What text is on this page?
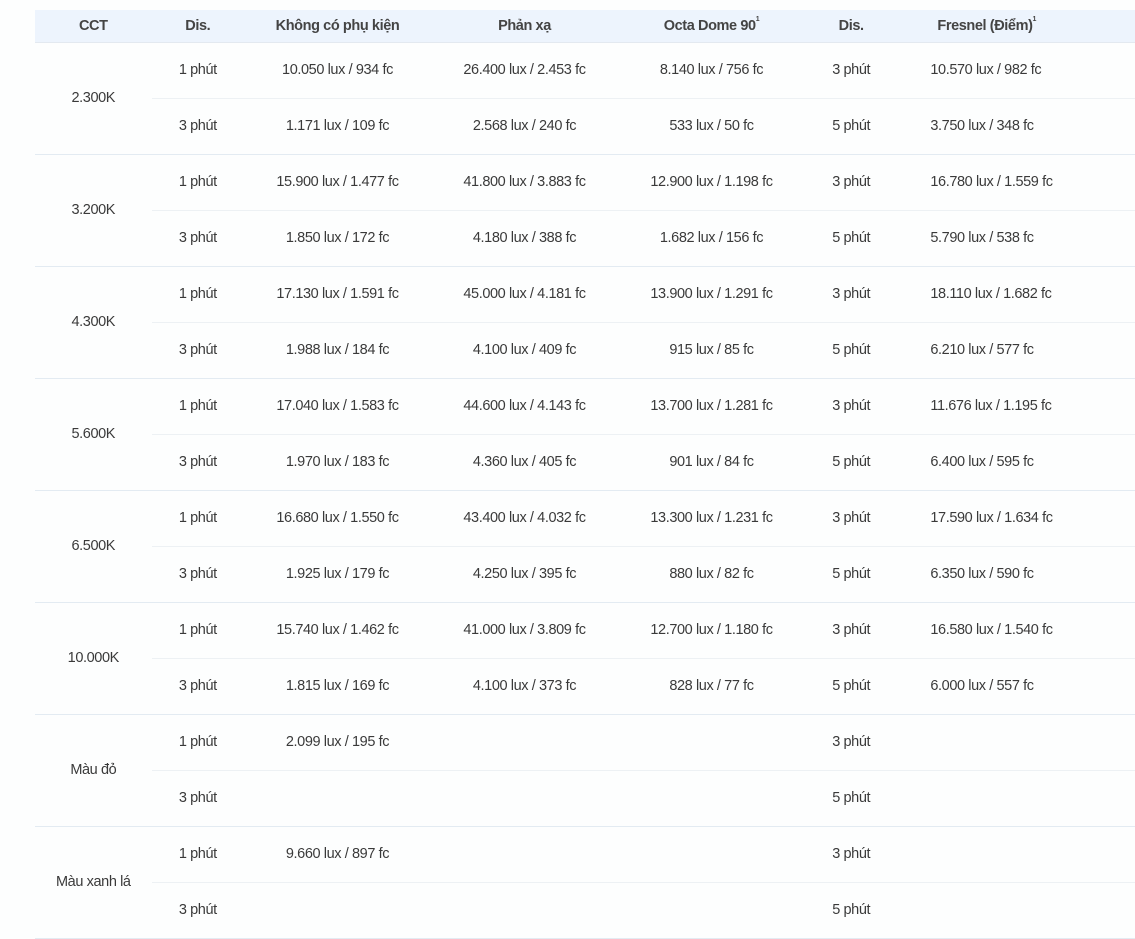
CCT	Dis.	Không có phụ kiện	Phản xạ	Octa Dome $90^1$	Dis.	Fresnel (Điểm)$^1$
2.300K	1 phút	10.050 lux / 934 fc	26.400 lux / 2.453 fc	8.140 lux / 756 fc	3 phút	10.570 lux / 982 fc
	3 phút	1.171 lux / 109 fc	2.568 lux / 240 fc	533 lux / 50 fc	5 phút	3.750 lux / 348 fc
3.200K	1 phút	15.900 lux / 1.477 fc	41.800 lux / 3.883 fc	12.900 lux / 1.198 fc	3 phút	16.780 lux / 1.559 fc
	3 phút	1.850 lux / 172 fc	4.180 lux / 388 fc	1.682 lux / 156 fc	5 phút	5.790 lux / 538 fc
4.300K	1 phút	17.130 lux / 1.591 fc	45.000 lux / 4.181 fc	13.900 lux / 1.291 fc	3 phút	18.110 lux / 1.682 fc
	3 phút	1.988 lux / 184 fc	4.100 lux / 409 fc	915 lux / 85 fc	5 phút	6.210 lux / 577 fc
5.600K	1 phút	17.040 lux / 1.583 fc	44.600 lux / 4.143 fc	13.700 lux / 1.281 fc	3 phút	11.676 lux / 1.195 fc
	3 phút	1.970 lux / 183 fc	4.360 lux / 405 fc	901 lux / 84 fc	5 phút	6.400 lux / 595 fc
6.500K	1 phút	16.680 lux / 1.550 fc	43.400 lux / 4.032 fc	13.300 lux / 1.231 fc	3 phút	17.590 lux / 1.634 fc
	3 phút	1.925 lux / 179 fc	4.250 lux / 395 fc	880 lux / 82 fc	5 phút	6.350 lux / 590 fc
10.000K	1 phút	15.740 lux / 1.462 fc	41.000 lux / 3.809 fc	12.700 lux / 1.180 fc	3 phút	16.580 lux / 1.540 fc
	3 phút	1.815 lux / 169 fc	4.100 lux / 373 fc	828 lux / 77 fc	5 phút	6.000 lux / 557 fc
Màu đỏ	1 phút	2.099 lux / 195 fc			3 phút	
	3 phút				5 phút	
Màu xanh lá	1 phút	9.660 lux / 897 fc			3 phút	
	3 phút				5 phút	
